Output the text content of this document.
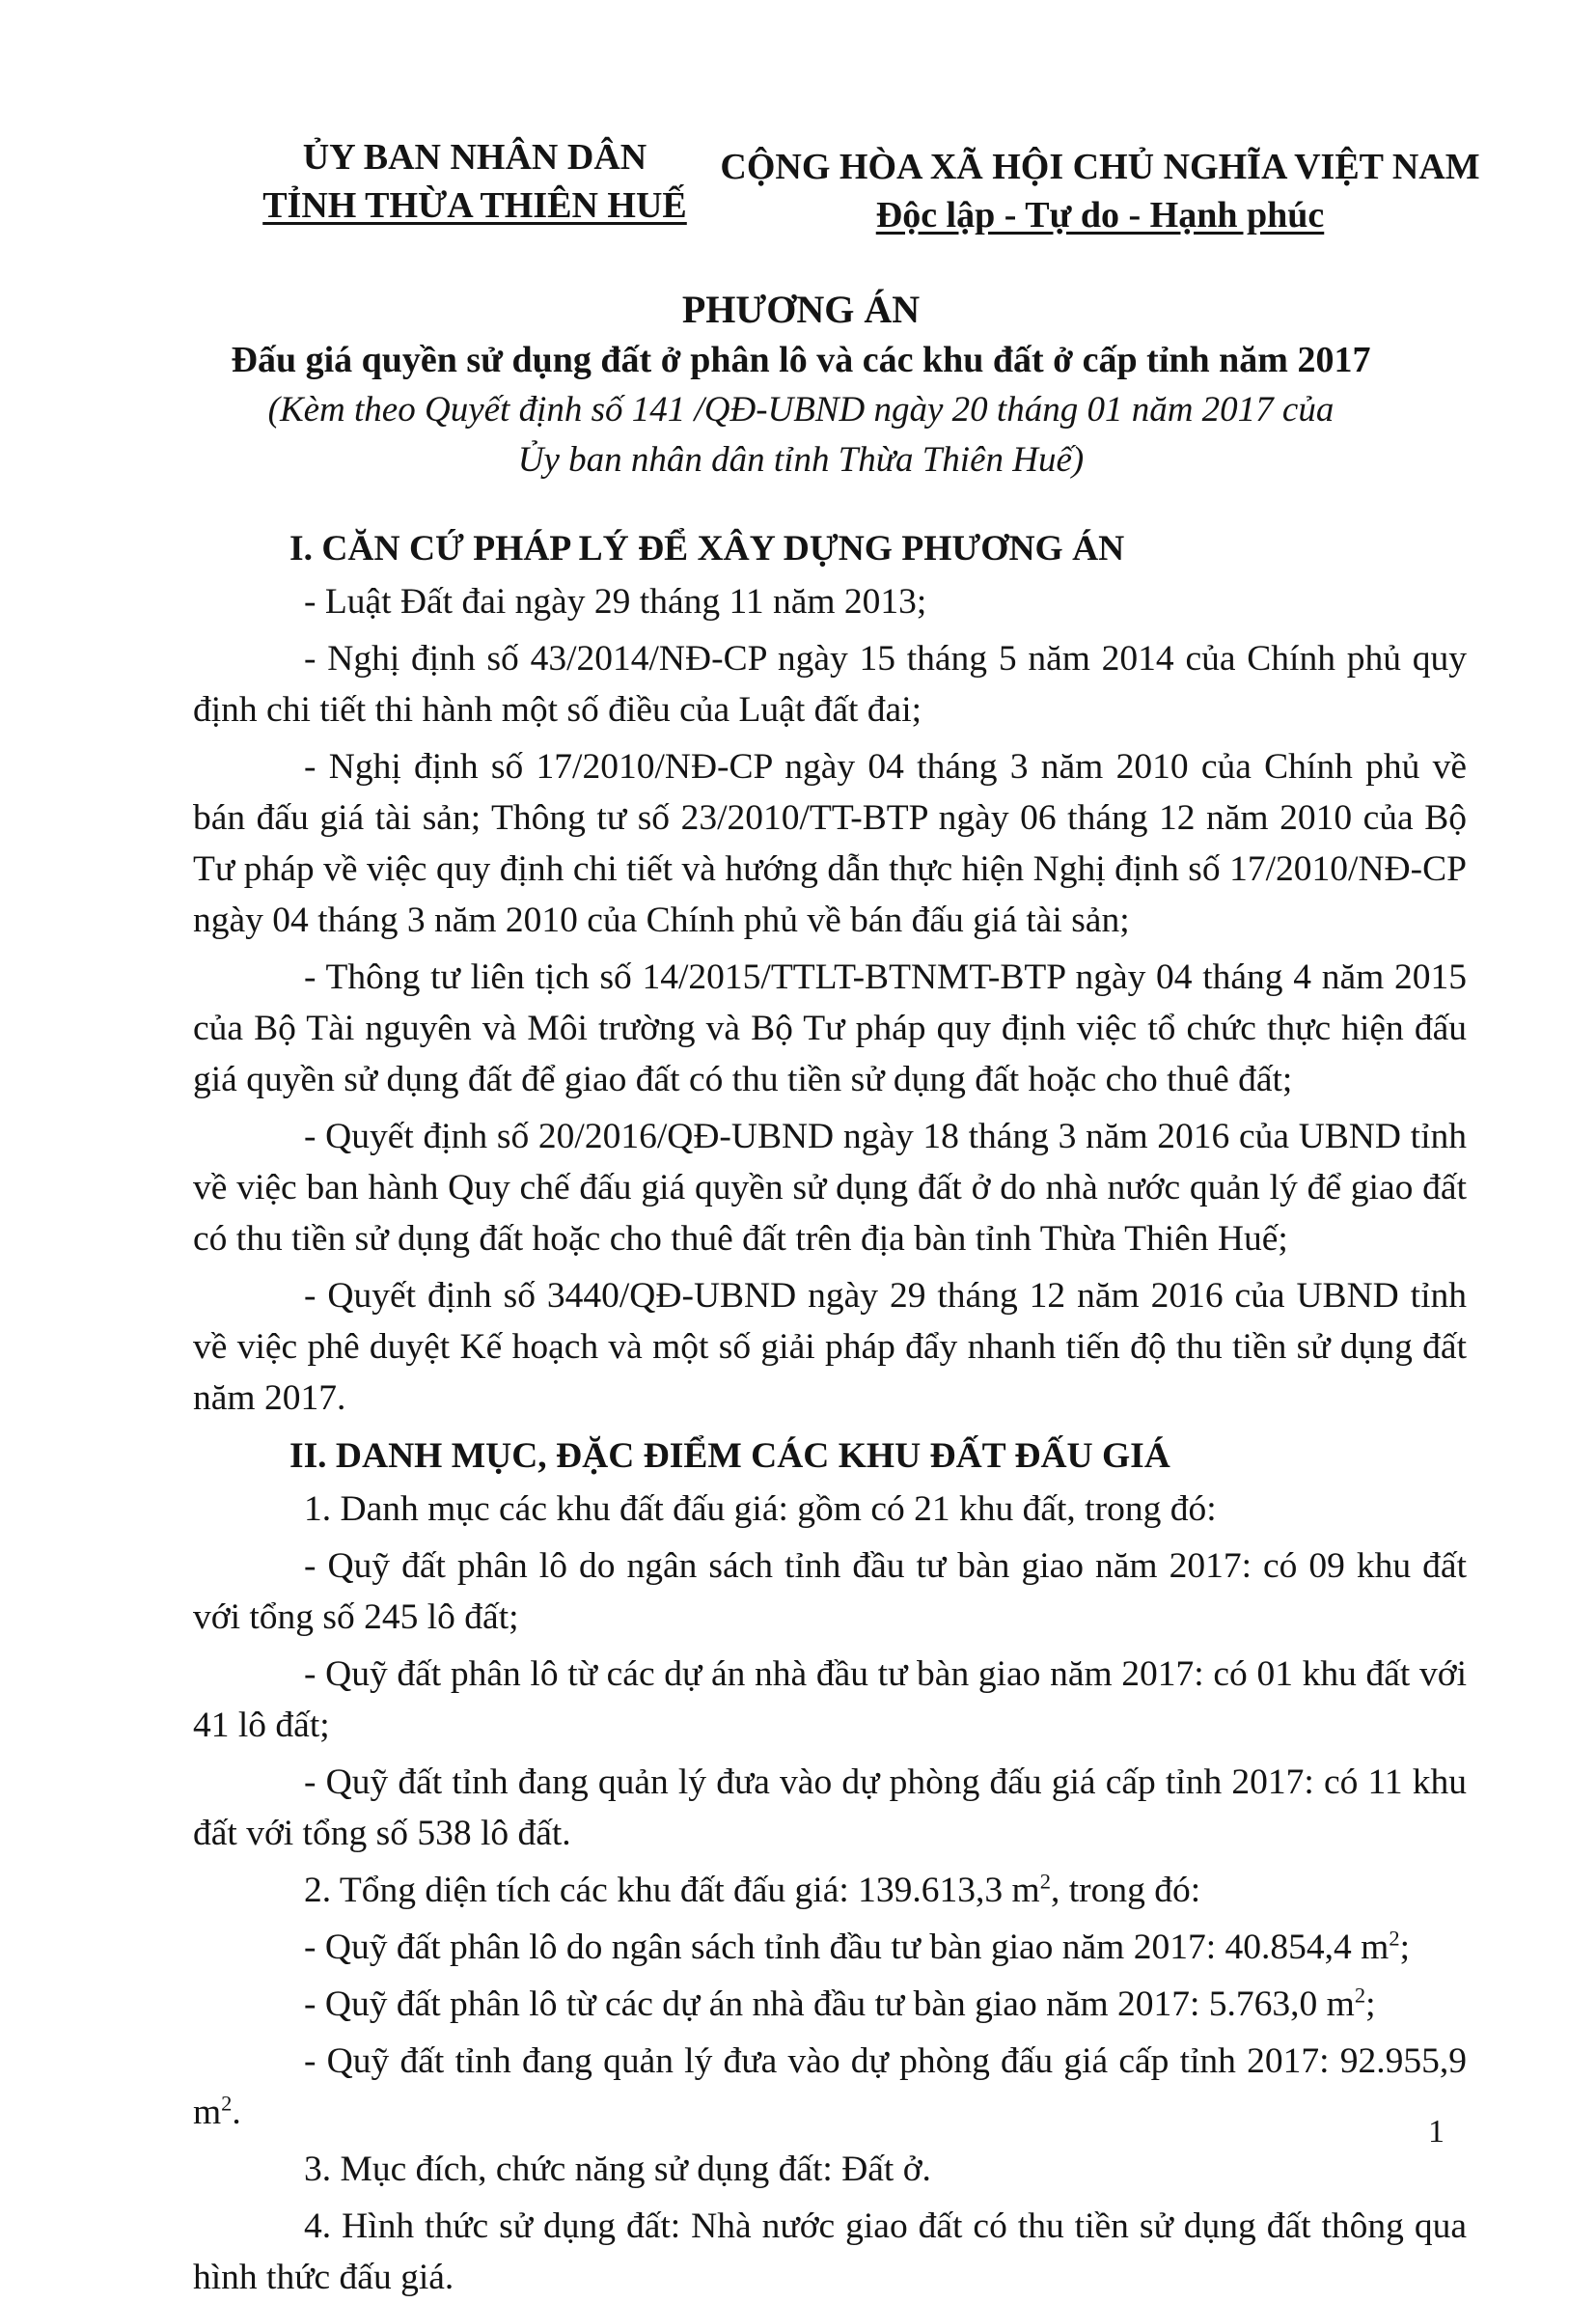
ỦY BAN NHÂN DÂN
TỈNH THỪA THIÊN HUẾ
CỘNG HÒA XÃ HỘI CHỦ NGHĨA VIỆT NAM
Độc lập - Tự do - Hạnh phúc
PHƯƠNG ÁN
Đấu giá quyền sử dụng đất ở phân lô và các khu đất ở cấp tỉnh năm 2017
(Kèm theo Quyết định số 141 /QĐ-UBND ngày 20 tháng 01 năm 2017 của
Ủy ban nhân dân tỉnh Thừa Thiên Huế)
I. CĂN CỨ PHÁP LÝ ĐỂ XÂY DỰNG PHƯƠNG ÁN

- Luật Đất đai ngày 29 tháng 11 năm 2013;

- Nghị định số 43/2014/NĐ-CP ngày 15 tháng 5 năm 2014 của Chính phủ quy định chi tiết thi hành một số điều của Luật đất đai;

- Nghị định số 17/2010/NĐ-CP ngày 04 tháng 3 năm 2010 của Chính phủ về bán đấu giá tài sản; Thông tư số 23/2010/TT-BTP ngày 06 tháng 12 năm 2010 của Bộ Tư pháp về việc quy định chi tiết và hướng dẫn thực hiện Nghị định số 17/2010/NĐ-CP ngày 04 tháng 3 năm 2010 của Chính phủ về bán đấu giá tài sản;

- Thông tư liên tịch số 14/2015/TTLT-BTNMT-BTP ngày 04 tháng 4 năm 2015 của Bộ Tài nguyên và Môi trường và Bộ Tư pháp quy định việc tổ chức thực hiện đấu giá quyền sử dụng đất để giao đất có thu tiền sử dụng đất hoặc cho thuê đất;

- Quyết định số 20/2016/QĐ-UBND ngày 18 tháng 3 năm 2016 của UBND tỉnh về việc ban hành Quy chế đấu giá quyền sử dụng đất ở do nhà nước quản lý để giao đất có thu tiền sử dụng đất hoặc cho thuê đất trên địa bàn tỉnh Thừa Thiên Huế;

- Quyết định số 3440/QĐ-UBND ngày 29 tháng 12 năm 2016 của UBND tỉnh về việc phê duyệt Kế hoạch và một số giải pháp đẩy nhanh tiến độ thu tiền sử dụng đất năm 2017.

II. DANH MỤC, ĐẶC ĐIỂM CÁC KHU ĐẤT ĐẤU GIÁ

1. Danh mục các khu đất đấu giá: gồm có 21 khu đất, trong đó:

- Quỹ đất phân lô do ngân sách tỉnh đầu tư bàn giao năm 2017: có 09 khu đất với tổng số 245 lô đất;

- Quỹ đất phân lô từ các dự án nhà đầu tư bàn giao năm 2017: có 01 khu đất với 41 lô đất;

- Quỹ đất tỉnh đang quản lý đưa vào dự phòng đấu giá cấp tỉnh 2017: có 11 khu đất với tổng số 538 lô đất.

2. Tổng diện tích các khu đất đấu giá: 139.613,3 $m^2$, trong đó:

- Quỹ đất phân lô do ngân sách tỉnh đầu tư bàn giao năm 2017: 40.854,4 $m^2$;

- Quỹ đất phân lô từ các dự án nhà đầu tư bàn giao năm 2017: 5.763,0 $m^2$;

- Quỹ đất tỉnh đang quản lý đưa vào dự phòng đấu giá cấp tỉnh 2017: 92.955,9 $m^2$.

3. Mục đích, chức năng sử dụng đất: Đất ở.

4. Hình thức sử dụng đất: Nhà nước giao đất có thu tiền sử dụng đất thông qua hình thức đấu giá.

1
